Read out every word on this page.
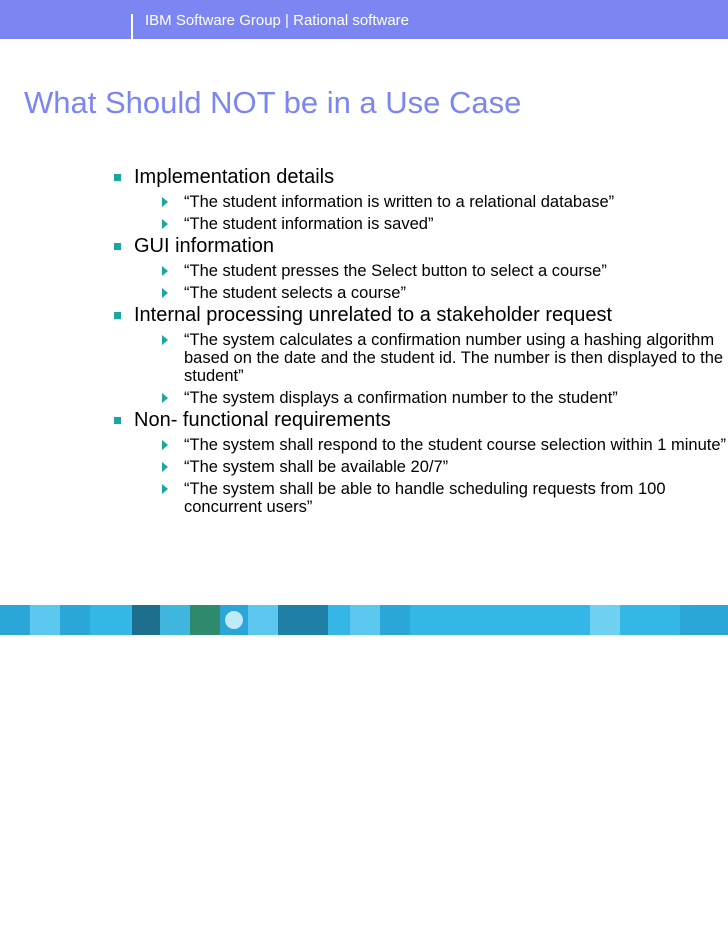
IBM Software Group | Rational software
What Should NOT be in a Use Case
Implementation details
“The student information is written to a relational database”
“The student information is saved”
GUI information
“The student presses the Select button to select a course”
“The student selects a course”
Internal processing unrelated to a stakeholder request
“The system calculates a confirmation number using a hashing algorithm based on the date and the student id. The number is then displayed to the student”
“The system displays a confirmation number to the student”
Non- functional requirements
“The system shall respond to the student course selection within 1 minute”
“The system shall be available 20/7”
“The system shall be able to handle scheduling requests from 100 concurrent users”
